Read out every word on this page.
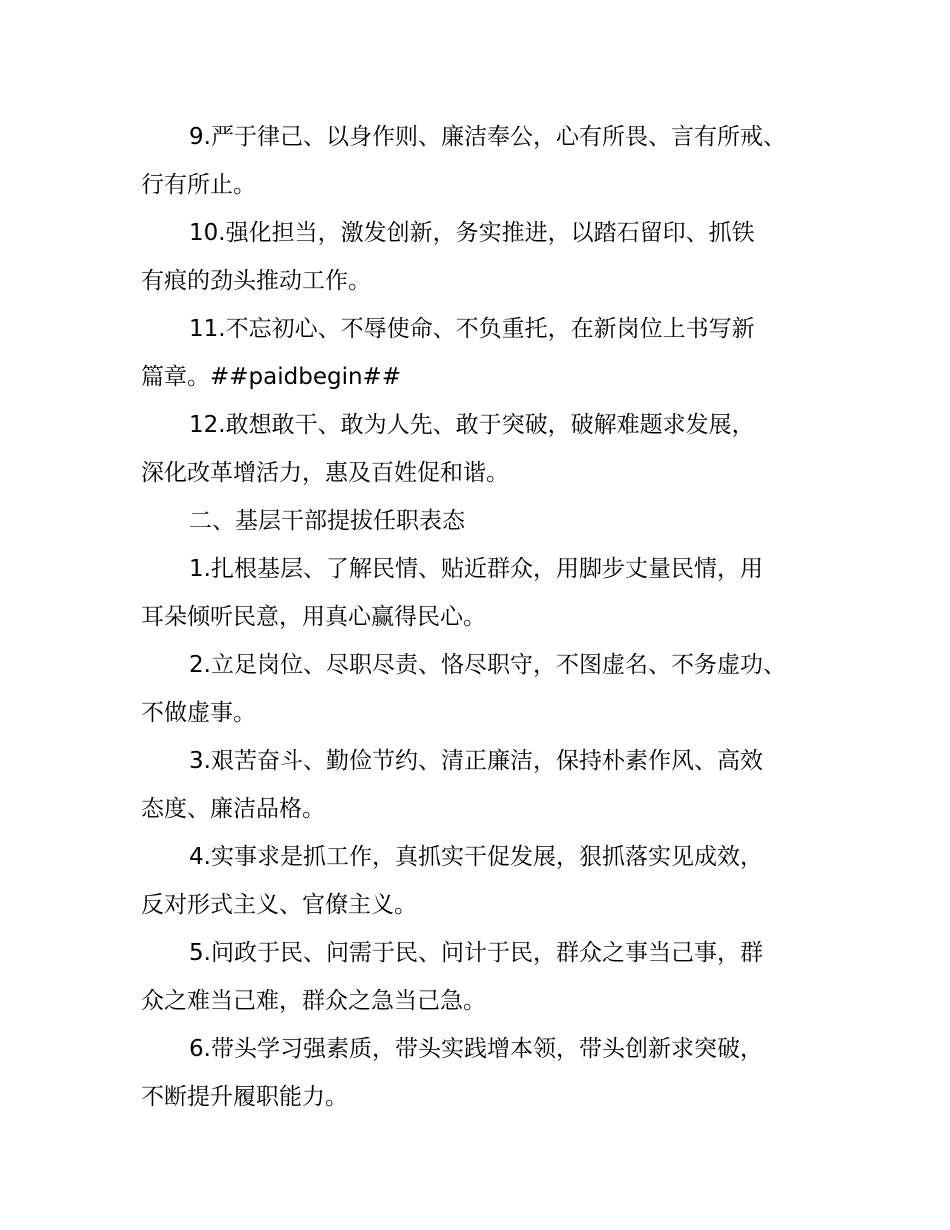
9.严于律己、以身作则、廉洁奉公，心有所畏、言有所戒、
行有所止。
10.强化担当，激发创新，务实推进，以踏石留印、抓铁
有痕的劲头推动工作。
11.不忘初心、不辱使命、不负重托，在新岗位上书写新
篇章。##paidbegin##
12.敢想敢干、敢为人先、敢于突破，破解难题求发展，
深化改革增活力，惠及百姓促和谐。
二、基层干部提拔任职表态
1.扎根基层、了解民情、贴近群众，用脚步丈量民情，用
耳朵倾听民意，用真心赢得民心。
2.立足岗位、尽职尽责、恪尽职守，不图虚名、不务虚功、
不做虚事。
3.艰苦奋斗、勤俭节约、清正廉洁，保持朴素作风、高效
态度、廉洁品格。
4.实事求是抓工作，真抓实干促发展，狠抓落实见成效，
反对形式主义、官僚主义。
5.问政于民、问需于民、问计于民，群众之事当己事，群
众之难当己难，群众之急当己急。
6.带头学习强素质，带头实践增本领，带头创新求突破，
不断提升履职能力。
